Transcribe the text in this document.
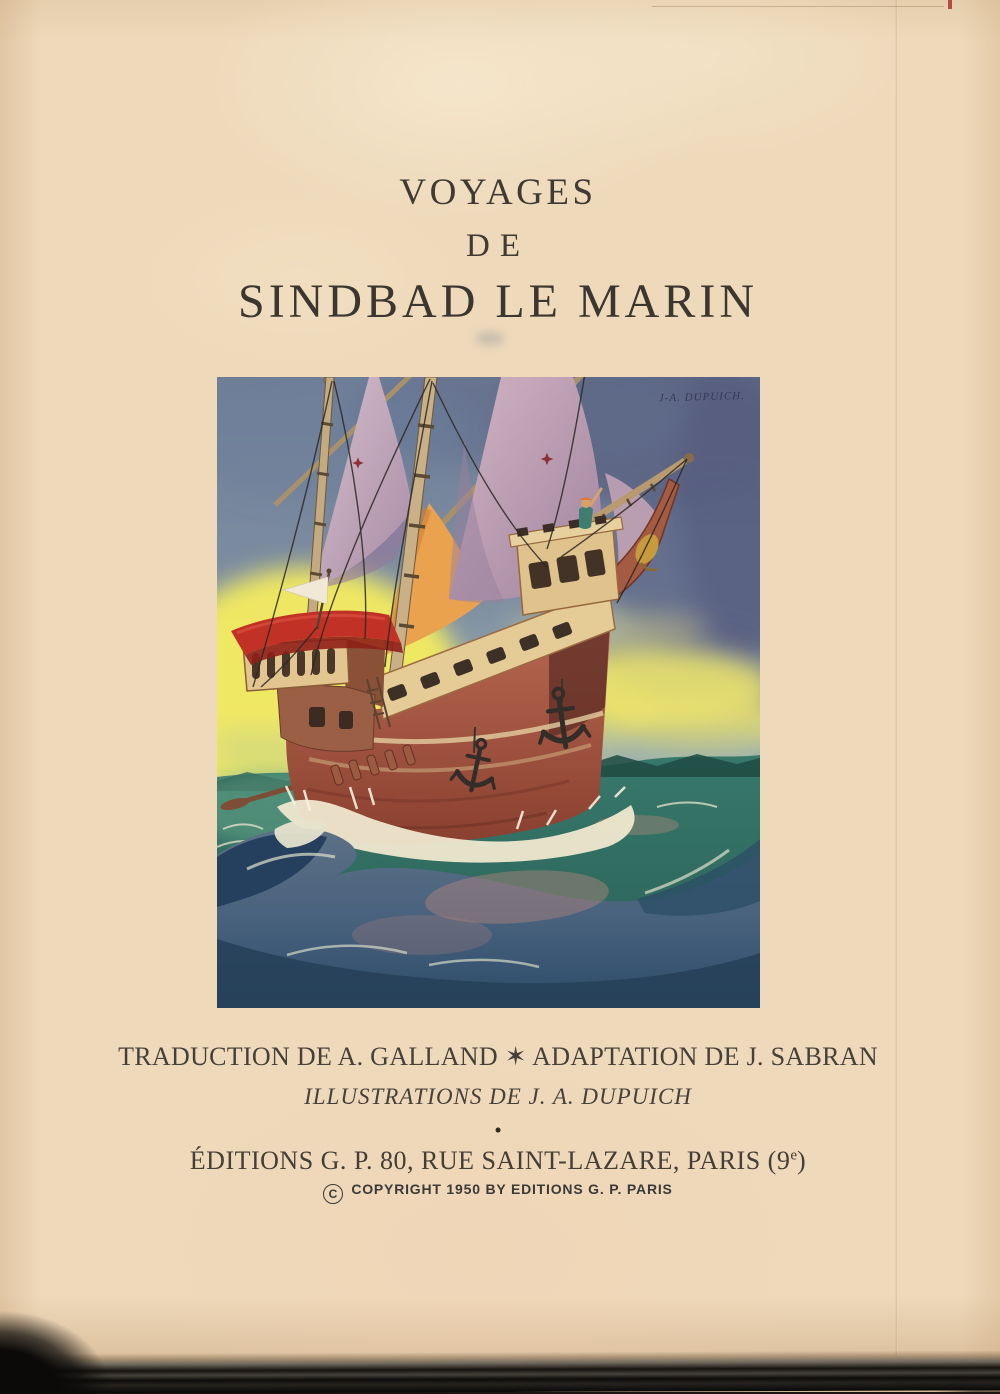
VOYAGES
DE
SINDBAD LE MARIN
J-A. DUPUICH.
TRADUCTION DE A. GALLAND ✶ ADAPTATION DE J. SABRAN
ILLUSTRATIONS DE J. A. DUPUICH
•
ÉDITIONS G. P. 80, RUE SAINT-LAZARE, PARIS (9e)
C COPYRIGHT 1950 BY EDITIONS G. P. PARIS
